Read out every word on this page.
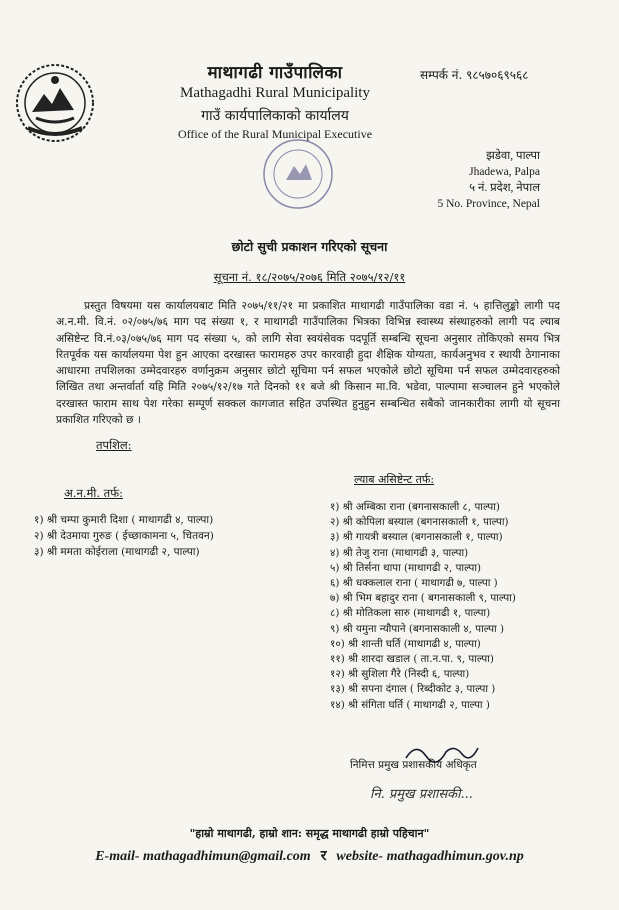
माथागढी गाउँपालिका
Mathagadhi Rural Municipality
गाउँ कार्यपालिकाको कार्यालय
Office of the Rural Municipal Executive
सम्पर्क नं. ९८५७०६९५६८
झडेवा, पाल्पा
Jhadewa, Palpa
५ नं. प्रदेश, नेपाल
5 No. Province, Nepal
छोटो सुची प्रकाशन गरिएको सूचना
सूचना नं. १८/२०७५/२०७६ मिति २०७५/१२/११
प्रस्तुत विषयमा यस कार्यालयबाट मिति २०७५/११/२१ मा प्रकाशित माथागढी गाउँपालिका वडा नं. ५ हात्तिलुङ्को लागी पद अ.न.मी. वि.नं. ०२/०७५/७६ माग पद संख्या १, र माथागढी गाउँपालिका भित्रका विभिन्न स्वास्थ्य संस्थाहरुको लागी पद ल्याब असिष्टेन्ट वि.नं.०३/०७५/७६ माग पद संख्या ५, को लागि सेवा स्वयंसेवक पदपूर्ति सम्बन्धि सूचना अनुसार तोकिएको समय भित्र रितपूर्वक यस कार्यालयमा पेश हुन आएका दरखास्त फारामहरु उपर कारवाही हुदा शैक्षिक योग्यता, कार्यअनुभव र स्थायी ठेगानाका आधारमा तपशिलका उम्मेदवारहरु वर्णानुक्रम अनुसार छोटो सूचिमा पर्न सफल भएकोले छोटो सूचिमा पर्न सफल उम्मेदवारहरुको लिखित तथा अन्तर्वार्ता यहि मिति २०७५/१२/१७ गते दिनको ११ बजे श्री किसान मा.वि. भडेवा, पाल्पामा सञ्चालन हुने भएकोले दरखास्त फाराम साथ पेश गरेका सम्पूर्ण सक्कल कागजात सहित उपस्थित हुनुहुन सम्बन्धित सबैको जानकारीका लागी यो सूचना प्रकाशित गरिएको छ ।
तपशिल:
अ.न.मी. तर्फ:
१) श्री चम्पा कुमारी दिशा ( माथागढी ४, पाल्पा)
२) श्री देउमाया गुरुङ ( ईच्छाकामना ५, चितवन)
३) श्री ममता कोईराला (माथागढी २, पाल्पा)
ल्याब असिष्टेन्ट तर्फ:
१) श्री अम्बिका राना (बगनासकाली ८, पाल्पा)
२) श्री कोपिला बस्याल (बगनासकाली १, पाल्पा)
३) श्री गायत्री बस्याल (बगनासकाली १, पाल्पा)
४) श्री तेजु राना (माथागढी ३, पाल्पा)
५) श्री तिर्सना थापा (माथागढी २, पाल्पा)
६) श्री धक्कलाल राना ( माथागढी ७, पाल्पा )
७) श्री भिम बहादुर राना ( बगनासकाली ९, पाल्पा)
८) श्री मोतिकला सारु (माथागढी १, पाल्पा)
९) श्री यमुना न्यौपाने (बगनासकाली ४, पाल्पा )
१०) श्री शान्ती घर्ति (माथागढी ४, पाल्पा)
११) श्री शारदा खडाल ( ता.न.पा. ९, पाल्पा)
१२) श्री सुशिला गैरे (निस्दी ६, पाल्पा)
१३) श्री सपना दंगाल ( रिब्दीकोट ३, पाल्पा )
१४) श्री संगिता घर्ति ( माथागढी २, पाल्पा )
निमित्त प्रमुख प्रशासकीय अधिकृत
नि. प्रमुख प्रशासकी...
"हाम्रो माथागढी, हाम्रो शान: समृद्ध माथागढी हाम्रो पहिचान"
E-mail- mathagadhimun@gmail.com र website- mathagadhimun.gov.np
